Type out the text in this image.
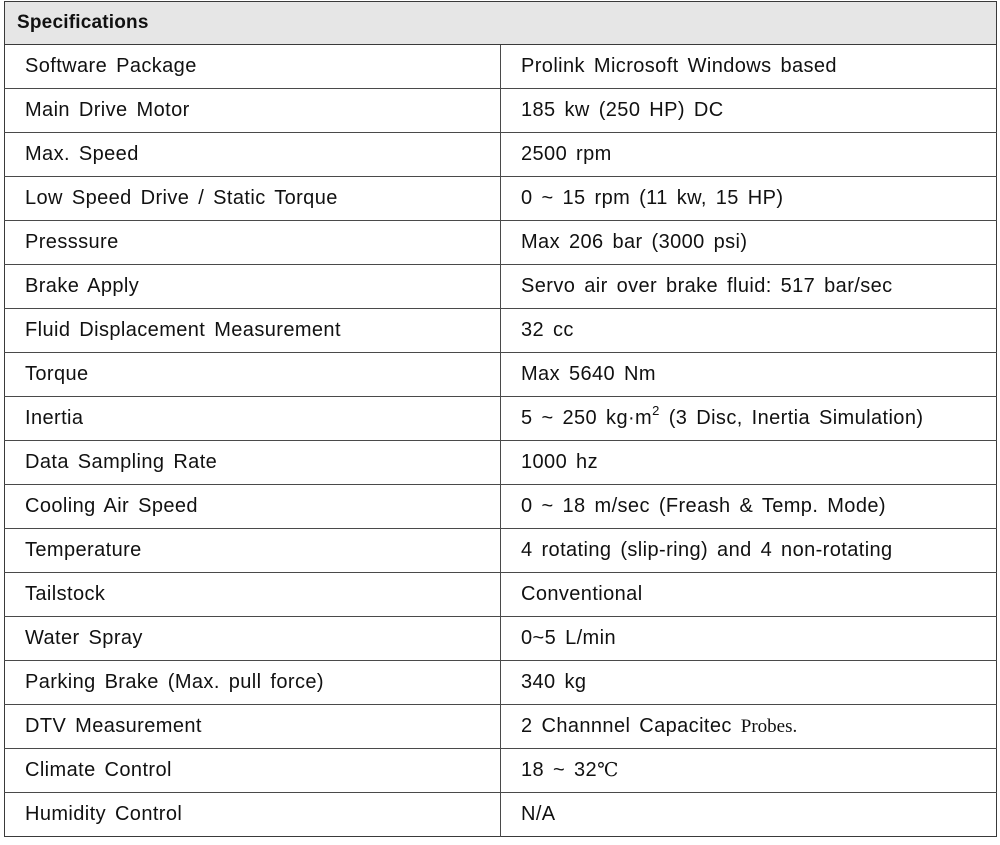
Specifications	
Software Package	Prolink Microsoft Windows based
Main Drive Motor	185 kw (250 HP) DC
Max. Speed	2500 rpm
Low Speed Drive / Static Torque	0 ~ 15 rpm (11 kw, 15 HP)
Presssure	Max 206 bar (3000 psi)
Brake Apply	Servo air over brake fluid: 517 bar/sec
Fluid Displacement Measurement	32 cc
Torque	Max 5640 Nm
Inertia	5 ~ 250 $kg\cdot m^2$ (3 Disc, Inertia Simulation)
Data Sampling Rate	1000 hz
Cooling Air Speed	0 ~ 18 m/sec (Freash & Temp. Mode)
Temperature	4 rotating (slip-ring) and 4 non-rotating
Tailstock	Conventional
Water Spray	0~5 L/min
Parking Brake (Max. pull force)	340 kg
DTV Measurement	2 Channnel Capacitec Probes.
Climate Control	18 ~ 32℃
Humidity Control	N/A
